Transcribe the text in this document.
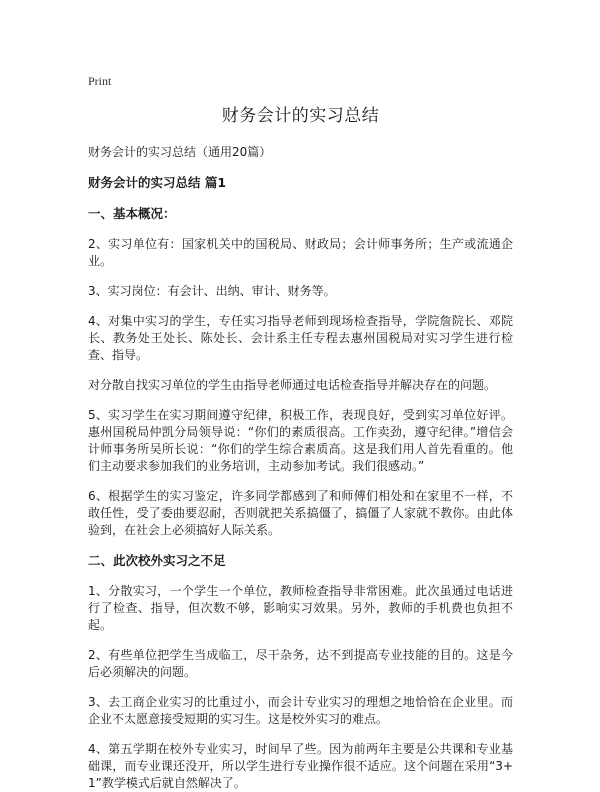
Print
财务会计的实习总结
财务会计的实习总结（通用20篇）
财务会计的实习总结 篇1
一、基本概况：

2、实习单位有：国家机关中的国税局、财政局；会计师事务所；生产或流通企业。

3、实习岗位：有会计、出纳、审计、财务等。

4、对集中实习的学生，专任实习指导老师到现场检查指导，学院詹院长、邓院长、教务处王处长、陈处长、会计系主任专程去惠州国税局对实习学生进行检查、指导。

对分散自找实习单位的学生由指导老师通过电话检查指导并解决存在的问题。

5、实习学生在实习期间遵守纪律，积极工作，表现良好，受到实习单位好评。惠州国税局仲凯分局领导说：“你们的素质很高。工作卖劲，遵守纪律。”增信会计师事务所吴所长说：“你们的学生综合素质高。这是我们用人首先看重的。他们主动要求参加我们的业务培训，主动参加考试。我们很感动。”

6、根据学生的实习鉴定，许多同学都感到了和师傅们相处和在家里不一样，不敢任性，受了委曲要忍耐，否则就把关系搞僵了，搞僵了人家就不教你。由此体验到，在社会上必须搞好人际关系。

二、此次校外实习之不足

1、分散实习，一个学生一个单位，教师检查指导非常困难。此次虽通过电话进行了检查、指导，但次数不够，影响实习效果。另外，教师的手机费也负担不起。

2、有些单位把学生当成临工，尽干杂务，达不到提高专业技能的目的。这是今后必须解决的问题。

3、去工商企业实习的比重过小，而会计专业实习的理想之地恰恰在企业里。而企业不太愿意接受短期的实习生。这是校外实习的难点。

4、第五学期在校外专业实习，时间早了些。因为前两年主要是公共课和专业基础课，而专业课还没开，所以学生进行专业操作很不适应。这个问题在采用“3+1”教学模式后就自然解决了。
